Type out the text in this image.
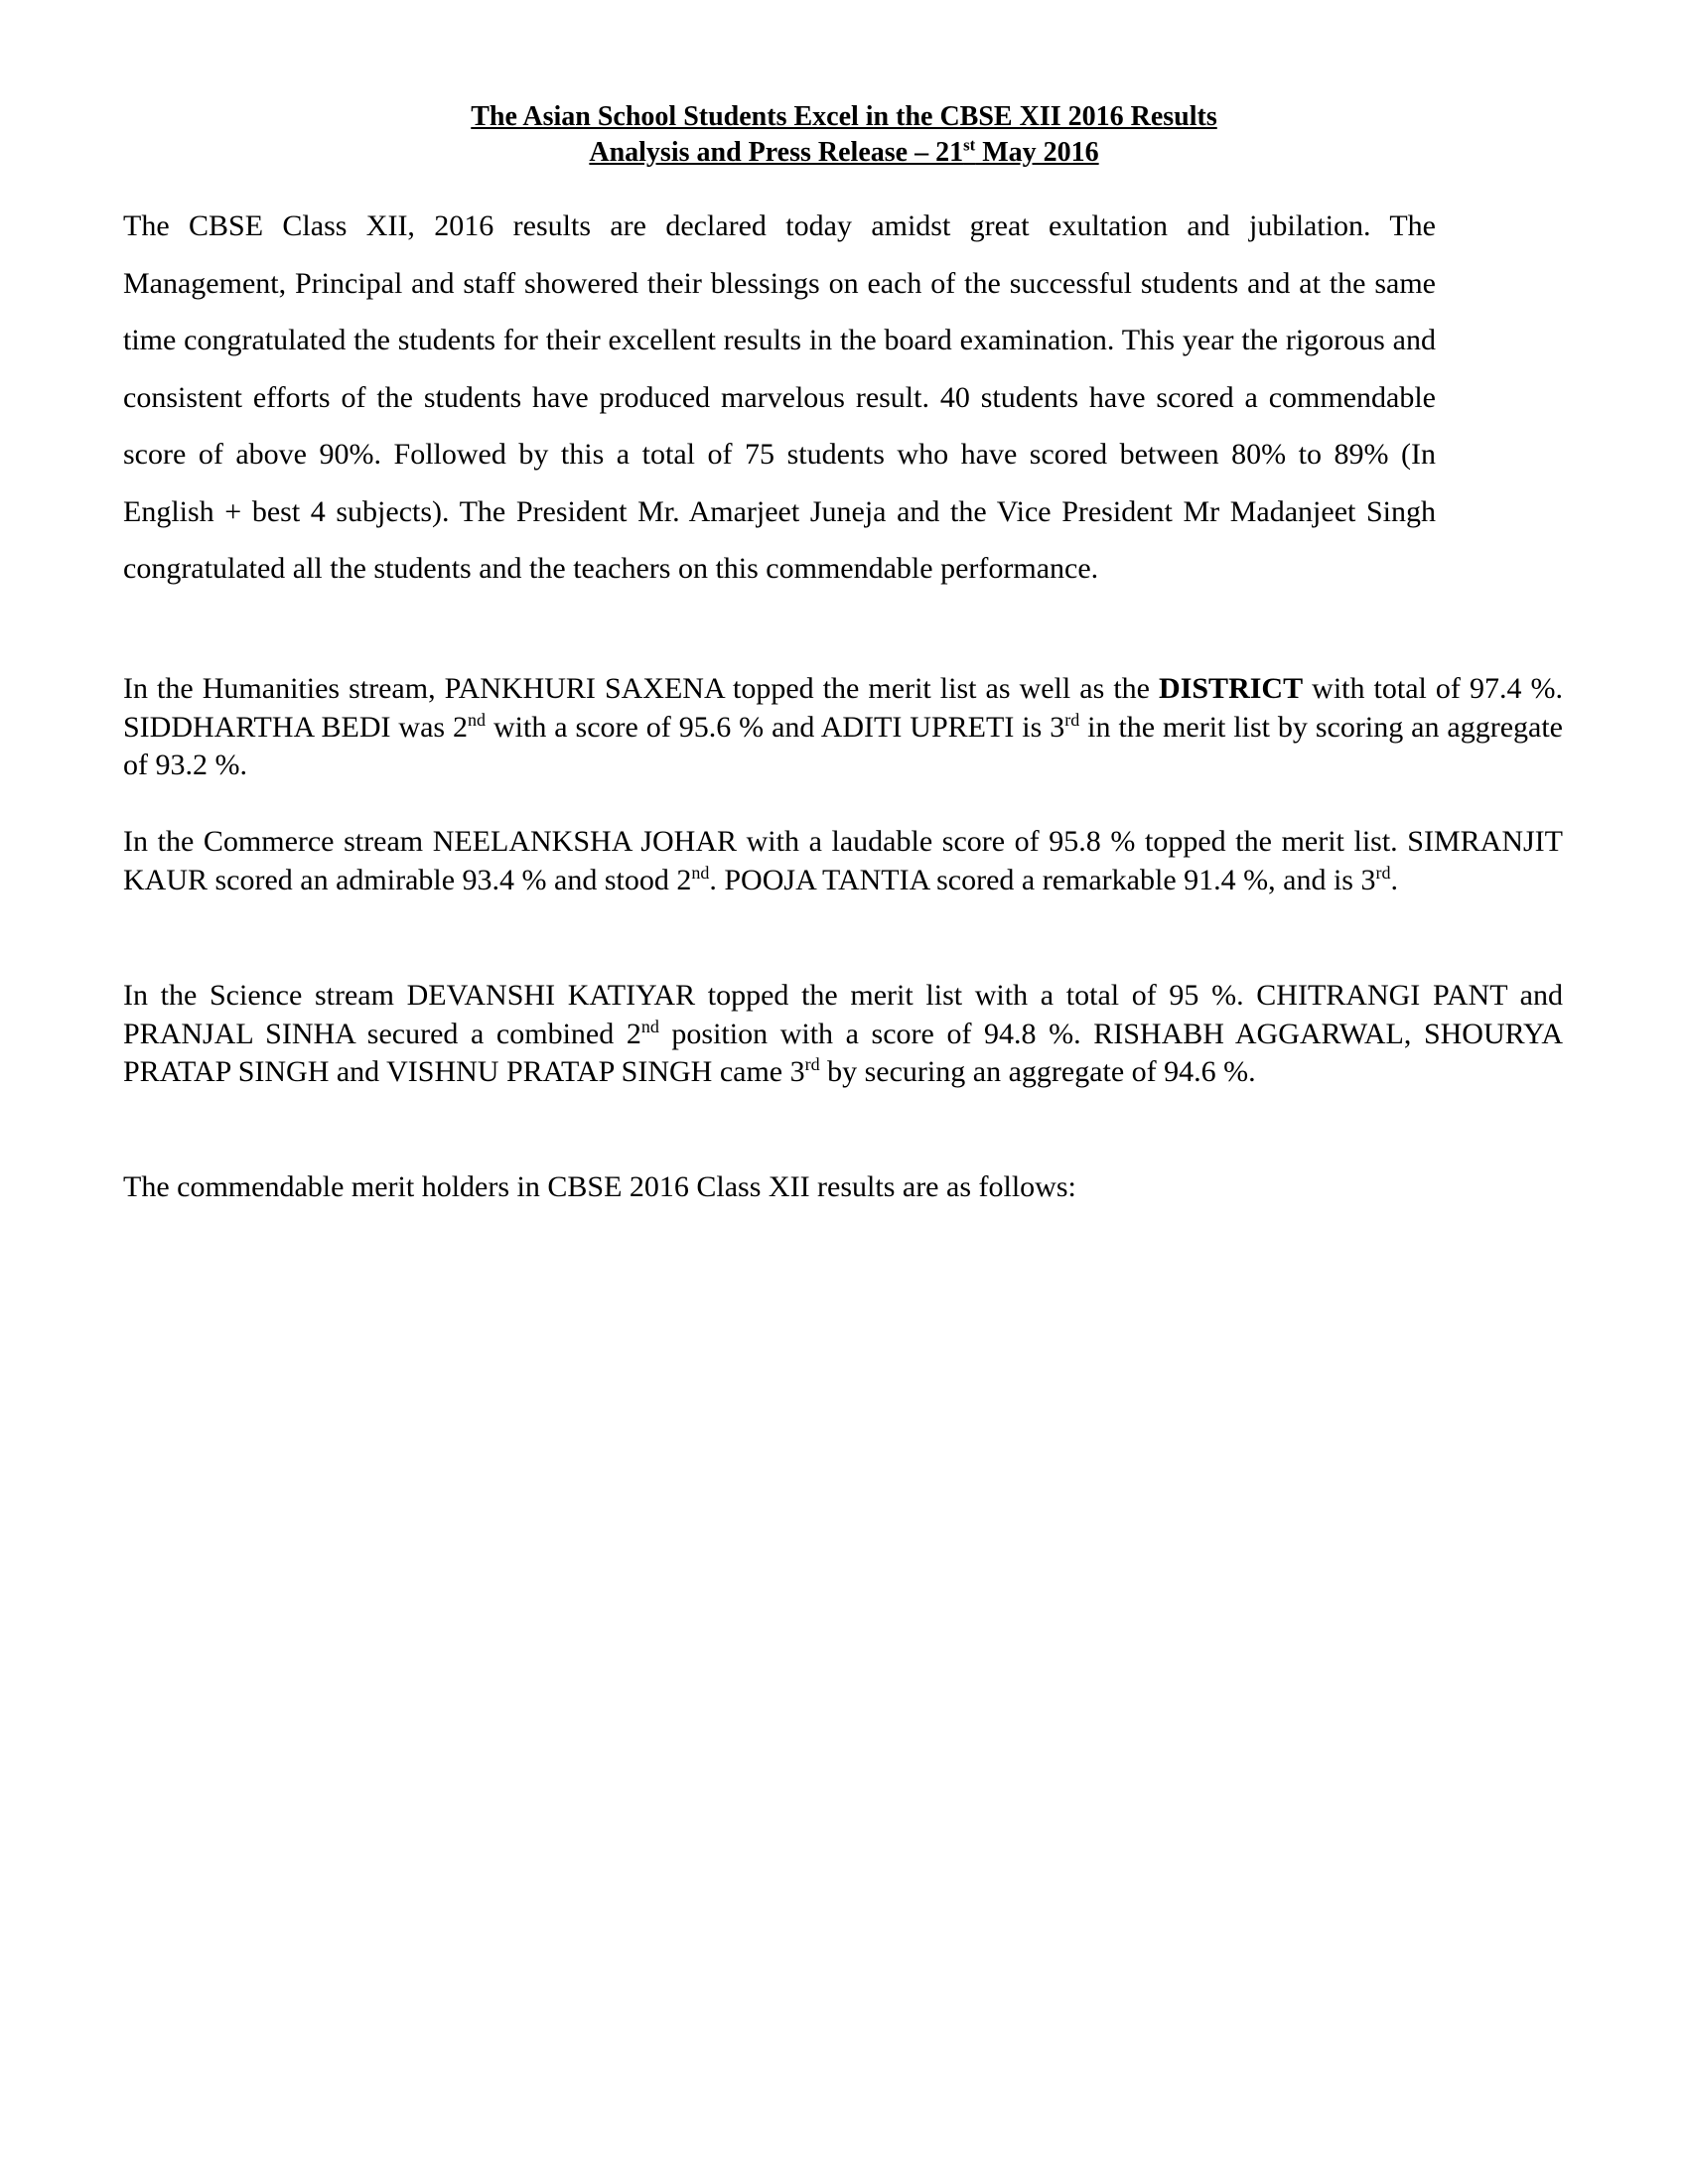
The Asian School Students Excel in the CBSE XII 2016 Results
Analysis and Press Release – 21st May 2016
The CBSE Class XII, 2016 results are declared today amidst great exultation and jubilation. The Management, Principal and staff showered their blessings on each of the successful students and at the same time congratulated the students for their excellent results in the board examination. This year the rigorous and consistent efforts of the students have produced marvelous result. 40 students have scored a commendable score of above 90%. Followed by this a total of 75 students who have scored between 80% to 89% (In English + best 4 subjects). The President Mr. Amarjeet Juneja and the Vice President Mr Madanjeet Singh congratulated all the students and the teachers on this commendable performance.
In the Humanities stream, PANKHURI SAXENA topped the merit list as well as the DISTRICT with total of 97.4 %. SIDDHARTHA BEDI was 2nd with a score of 95.6 % and ADITI UPRETI is 3rd in the merit list by scoring an aggregate of 93.2 %.
In the Commerce stream NEELANKSHA JOHAR with a laudable score of 95.8 % topped the merit list. SIMRANJIT KAUR scored an admirable 93.4 % and stood 2nd. POOJA TANTIA scored a remarkable 91.4 %, and is 3rd.
In the Science stream DEVANSHI KATIYAR topped the merit list with a total of 95 %. CHITRANGI PANT and PRANJAL SINHA secured a combined 2nd position with a score of 94.8 %. RISHABH AGGARWAL, SHOURYA PRATAP SINGH and VISHNU PRATAP SINGH came 3rd by securing an aggregate of 94.6 %.
The commendable merit holders in CBSE 2016 Class XII results are as follows:
